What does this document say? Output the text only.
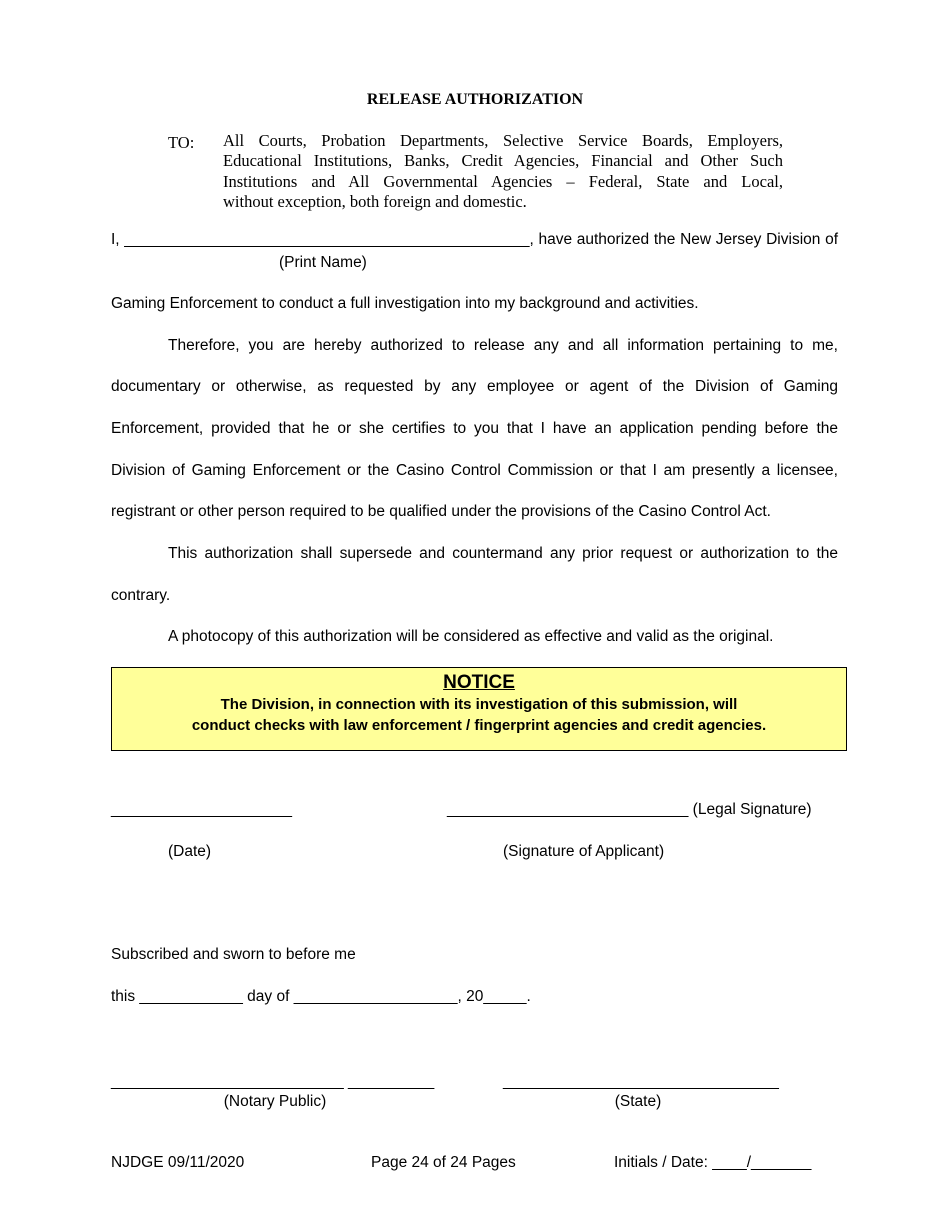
RELEASE AUTHORIZATION
TO: All Courts, Probation Departments, Selective Service Boards, Employers,
Educational Institutions, Banks, Credit Agencies, Financial and Other Such
Institutions and All Governmental Agencies – Federal, State and Local,
without exception, both foreign and domestic.
I, _______________________________________________, have authorized the New Jersey Division of
(Print Name)
Gaming Enforcement to conduct a full investigation into my background and activities.
Therefore, you are hereby authorized to release any and all information pertaining to me,
documentary or otherwise, as requested by any employee or agent of the Division of Gaming
Enforcement, provided that he or she certifies to you that I have an application pending before the
Division of Gaming Enforcement or the Casino Control Commission or that I am presently a licensee,
registrant or other person required to be qualified under the provisions of the Casino Control Act.
This authorization shall supersede and countermand any prior request or authorization to the
contrary.
A photocopy of this authorization will be considered as effective and valid as the original.
NOTICE
The Division, in connection with its investigation of this submission, will
conduct checks with law enforcement / fingerprint agencies and credit agencies.
_____________________	____________________________ (Legal Signature)
(Date)	(Signature of Applicant)
Subscribed and sworn to before me
this ____________ day of ___________________, 20_____.
___________________________ __________	________________________________
(Notary Public)	(State)
NJDGE 09/11/2020	Page 24 of 24 Pages	Initials / Date: ____/_______
